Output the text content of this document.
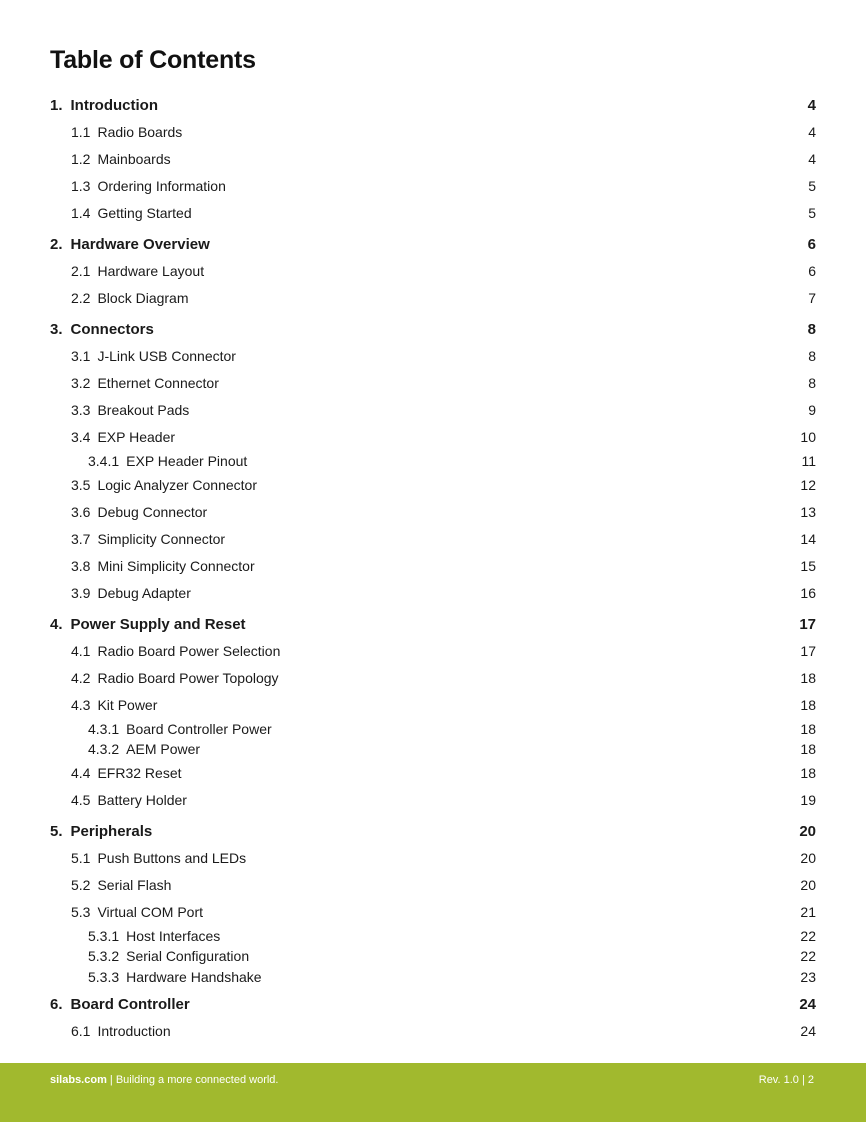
Table of Contents
1. Introduction	4
1.1 Radio Boards	4
1.2 Mainboards	4
1.3 Ordering Information	5
1.4 Getting Started	5
2. Hardware Overview	6
2.1 Hardware Layout	6
2.2 Block Diagram	7
3. Connectors	8
3.1 J-Link USB Connector	8
3.2 Ethernet Connector	8
3.3 Breakout Pads	9
3.4 EXP Header	10
3.4.1 EXP Header Pinout	11
3.5 Logic Analyzer Connector	12
3.6 Debug Connector	13
3.7 Simplicity Connector	14
3.8 Mini Simplicity Connector	15
3.9 Debug Adapter	16
4. Power Supply and Reset	17
4.1 Radio Board Power Selection	17
4.2 Radio Board Power Topology	18
4.3 Kit Power	18
4.3.1 Board Controller Power	18
4.3.2 AEM Power	18
4.4 EFR32 Reset	18
4.5 Battery Holder	19
5. Peripherals	20
5.1 Push Buttons and LEDs	20
5.2 Serial Flash	20
5.3 Virtual COM Port	21
5.3.1 Host Interfaces	22
5.3.2 Serial Configuration	22
5.3.3 Hardware Handshake	23
6. Board Controller	24
6.1 Introduction	24
silabs.com | Building a more connected world.	Rev. 1.0 | 2
